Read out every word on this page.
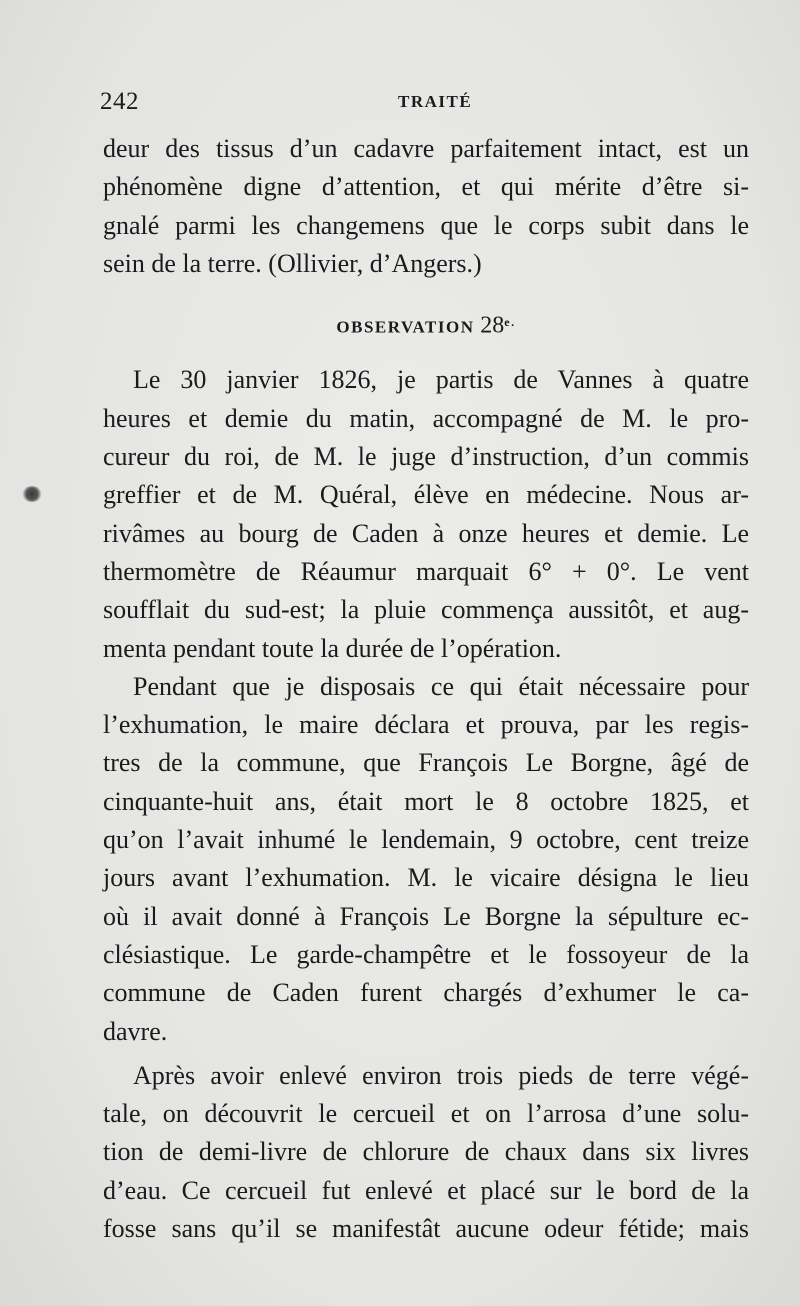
242	TRAITÉ
deur des tissus d’un cadavre parfaitement intact, est un
phénomène digne d’attention, et qui mérite d’être si-
gnalé parmi les changemens que le corps subit dans le
sein de la terre. (Ollivier, d’Angers.)
OBSERVATION $28^{e.}$
Le 30 janvier 1826, je partis de Vannes à quatre
heures et demie du matin, accompagné de M. le pro-
cureur du roi, de M. le juge d’instruction, d’un commis
greffier et de M. Quéral, élève en médecine. Nous ar-
rivâmes au bourg de Caden à onze heures et demie. Le
thermomètre de Réaumur marquait 6° + 0°. Le vent
soufflait du sud-est; la pluie commença aussitôt, et aug-
menta pendant toute la durée de l’opération.
Pendant que je disposais ce qui était nécessaire pour
l’exhumation, le maire déclara et prouva, par les regis-
tres de la commune, que François Le Borgne, âgé de
cinquante-huit ans, était mort le 8 octobre 1825, et
qu’on l’avait inhumé le lendemain, 9 octobre, cent treize
jours avant l’exhumation. M. le vicaire désigna le lieu
où il avait donné à François Le Borgne la sépulture ec-
clésiastique. Le garde-champêtre et le fossoyeur de la
commune de Caden furent chargés d’exhumer le ca-
davre.
Après avoir enlevé environ trois pieds de terre végé-
tale, on découvrit le cercueil et on l’arrosa d’une solu-
tion de demi-livre de chlorure de chaux dans six livres
d’eau. Ce cercueil fut enlevé et placé sur le bord de la
fosse sans qu’il se manifestât aucune odeur fétide; mais
